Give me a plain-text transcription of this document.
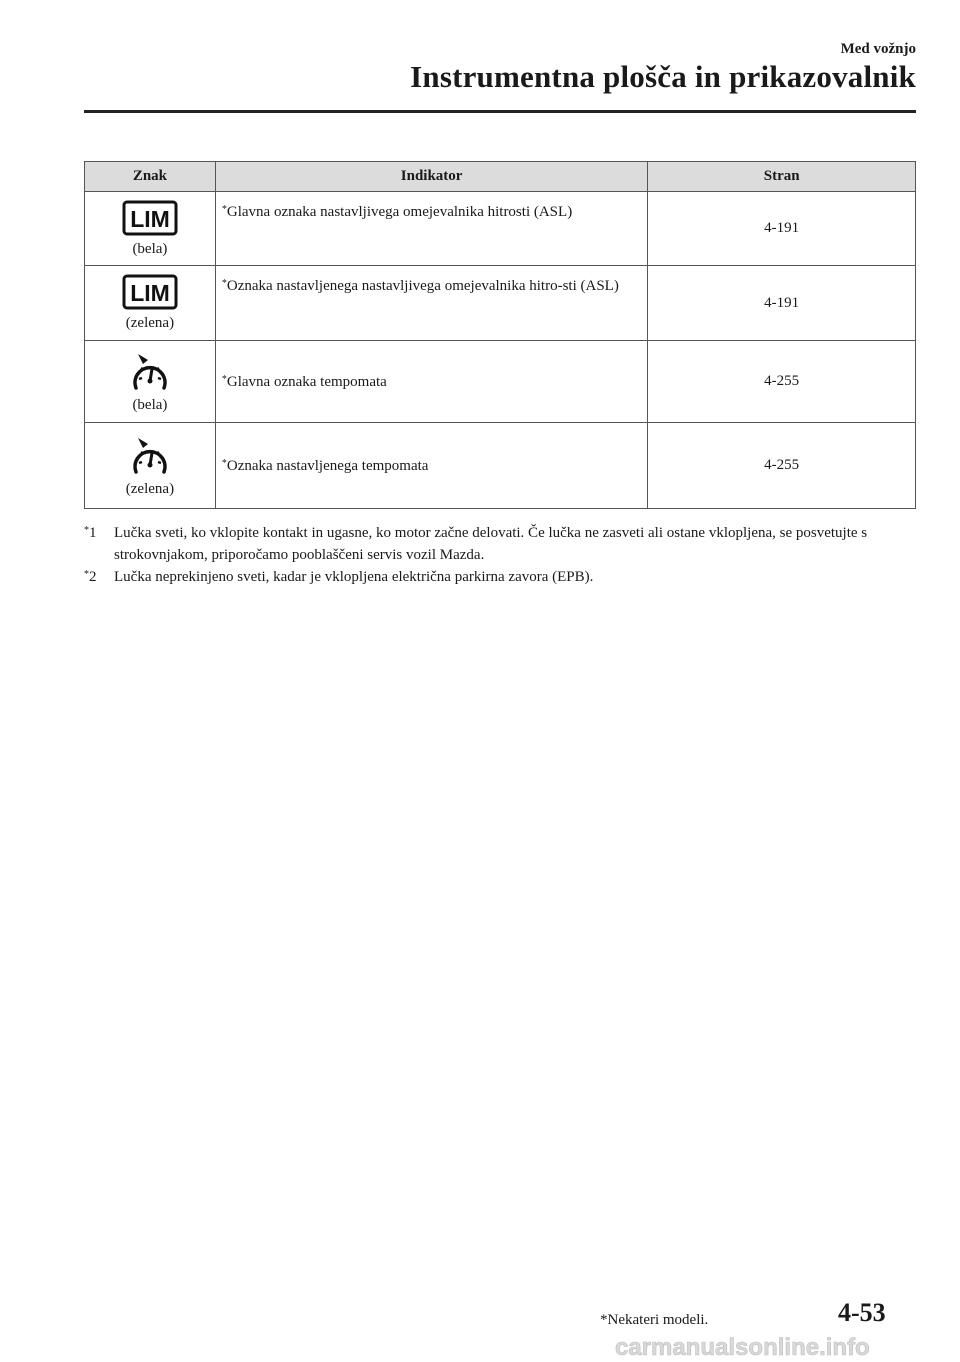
Med vožnjo
Instrumentna plošča in prikazovalnik
Znak	Indikator	Stran

LIM
(bela)	*Glavna oznaka nastavljivega omejevalnika hitrosti (ASL)	4-191

LIM
(zelena)	*Oznaka nastavljenega nastavljivega omejevalnika hitro-sti (ASL)	4-191

(bela)	*Glavna oznaka tempomata	4-255

(zelena)	*Oznaka nastavljenega tempomata	4-255
*1	Lučka sveti, ko vklopite kontakt in ugasne, ko motor začne delovati. Če lučka ne zasveti ali ostane vklopljena, se posvetujte s strokovnjakom, priporočamo pooblaščeni servis vozil Mazda.
*2	Lučka neprekinjeno sveti, kadar je vklopljena električna parkirna zavora (EPB).
*Nekateri modeli.	4-53
carmanualsonline.info
